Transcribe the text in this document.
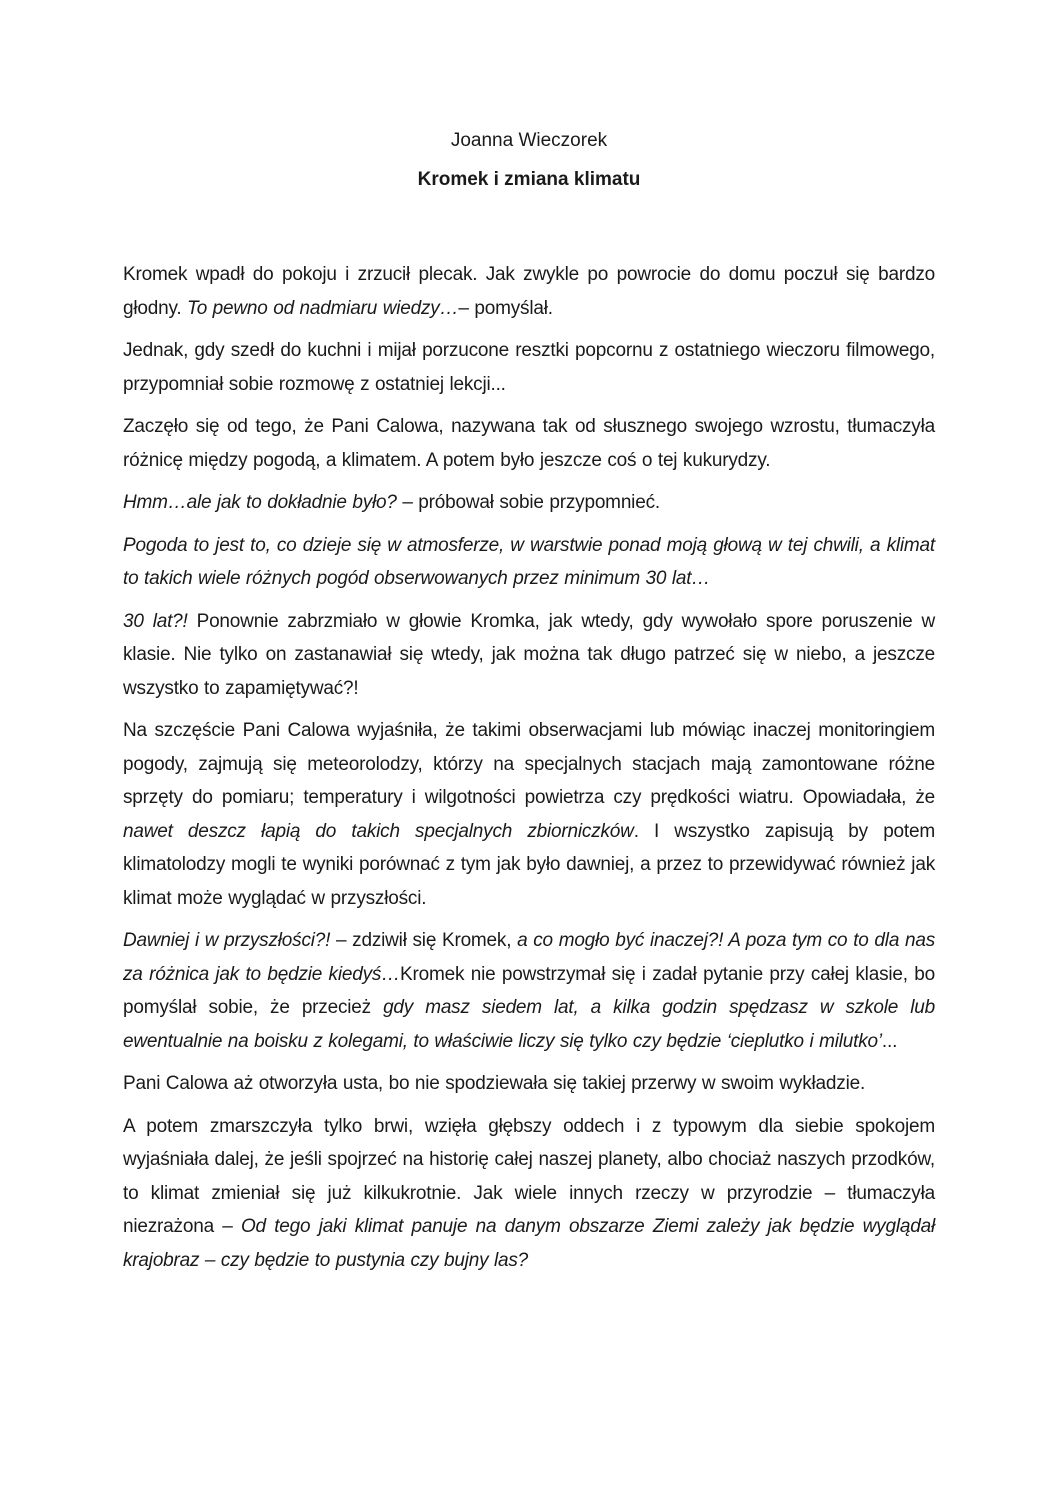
Joanna Wieczorek
Kromek i zmiana klimatu

Kromek wpadł do pokoju i zrzucił plecak. Jak zwykle po powrocie do domu poczuł się bardzo głodny. To pewno od nadmiaru wiedzy…– pomyślał.

Jednak, gdy szedł do kuchni i mijał porzucone resztki popcornu z ostatniego wieczoru filmowego, przypomniał sobie rozmowę z ostatniej lekcji...

Zaczęło się od tego, że Pani Calowa, nazywana tak od słusznego swojego wzrostu, tłumaczyła różnicę między pogodą, a klimatem. A potem było jeszcze coś o tej kukurydzy.

Hmm…ale jak to dokładnie było? – próbował sobie przypomnieć.

Pogoda to jest to, co dzieje się w atmosferze, w warstwie ponad moją głową w tej chwili, a klimat to takich wiele różnych pogód obserwowanych przez minimum 30 lat…

30 lat?! Ponownie zabrzmiało w głowie Kromka, jak wtedy, gdy wywołało spore poruszenie w klasie. Nie tylko on zastanawiał się wtedy, jak można tak długo patrzeć się w niebo, a jeszcze wszystko to zapamiętywać?!

Na szczęście Pani Calowa wyjaśniła, że takimi obserwacjami lub mówiąc inaczej monitoringiem pogody, zajmują się meteorolodzy, którzy na specjalnych stacjach mają zamontowane różne sprzęty do pomiaru; temperatury i wilgotności powietrza czy prędkości wiatru. Opowiadała, że nawet deszcz łapią do takich specjalnych zbiorniczków. I wszystko zapisują by potem klimatolodzy mogli te wyniki porównać z tym jak było dawniej, a przez to przewidywać również jak klimat może wyglądać w przyszłości.

Dawniej i w przyszłości?! – zdziwił się Kromek, a co mogło być inaczej?! A poza tym co to dla nas za różnica jak to będzie kiedyś…Kromek nie powstrzymał się i zadał pytanie przy całej klasie, bo pomyślał sobie, że przecież gdy masz siedem lat, a kilka godzin spędzasz w szkole lub ewentualnie na boisku z kolegami, to właściwie liczy się tylko czy będzie ‘cieplutko i milutko’...

Pani Calowa aż otworzyła usta, bo nie spodziewała się takiej przerwy w swoim wykładzie.

A potem zmarszczyła tylko brwi, wzięła głębszy oddech i z typowym dla siebie spokojem wyjaśniała dalej, że jeśli spojrzeć na historię całej naszej planety, albo chociaż naszych przodków, to klimat zmieniał się już kilkukrotnie. Jak wiele innych rzeczy w przyrodzie – tłumaczyła niezrażona – Od tego jaki klimat panuje na danym obszarze Ziemi zależy jak będzie wyglądał krajobraz – czy będzie to pustynia czy bujny las?
